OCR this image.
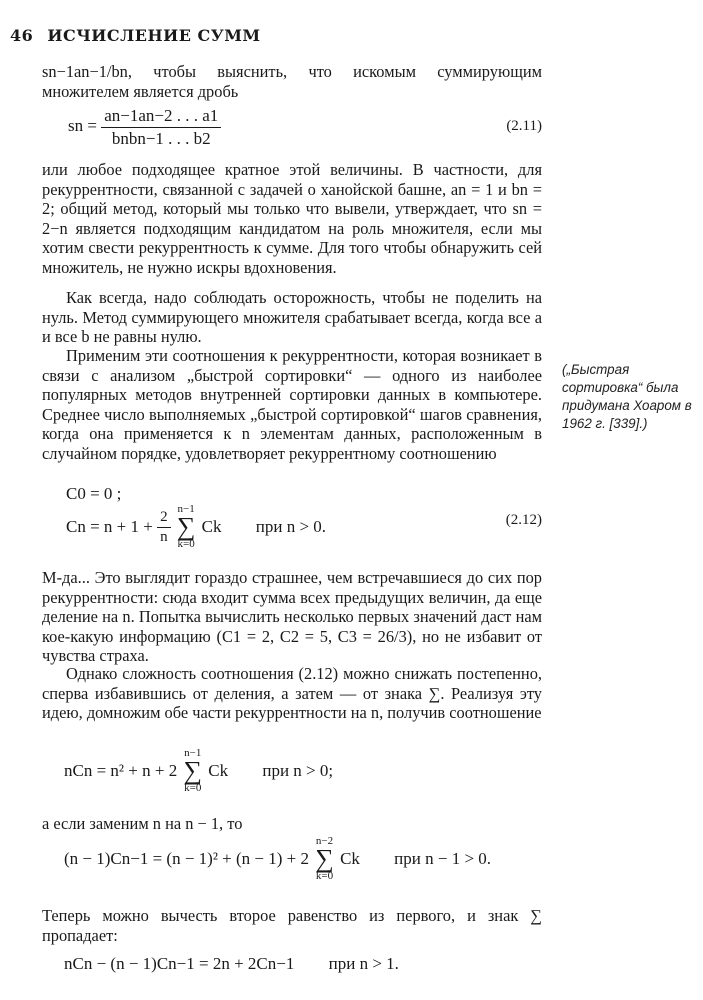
46 ИСЧИСЛЕНИЕ СУММ
sn−1an−1/bn, чтобы выяснить, что искомым суммирующим множителем является дробь
sn = $\frac{an-1an-2 . . . a1}{\text{bnbn−1 . . . b2}}$	(2.11)
или любое подходящее кратное этой величины. В частности, для рекуррентности, связанной с задачей о ханойской башне, an = 1 и bn = 2; общий метод, который мы только что вывели, утверждает, что sn = 2−n является подходящим кандидатом на роль множителя, если мы хотим свести рекуррентность к сумме. Для того чтобы обнаружить сей множитель, не нужно искры вдохновения.
Как всегда, надо соблюдать осторожность, чтобы не поделить на нуль. Метод суммирующего множителя срабатывает всегда, когда все a и все b не равны нулю.
Применим эти соотношения к рекуррентности, которая возникает в связи с анализом „быстрой сортировки“ — одного из наиболее популярных методов внутренней сортировки данных в компьютере. Среднее число выполняемых „быстрой сортировкой“ шагов сравнения, когда она применяется к n элементам данных, расположенным в случайном порядке, удовлетворяет рекуррентному соотношению
(„Быстрая сортировка“ была придумана Хоаром в 1962 г. [339].)
C0 = 0 ;
$Cn = n + 1 + \frac{2}{n}$
n−1
∑
k=0
Ck при n > 0.	(2.12)
М-да... Это выглядит гораздо страшнее, чем встречавшиеся до сих пор рекуррентности: сюда входит сумма всех предыдущих величин, да еще деление на n. Попытка вычислить несколько первых значений даст нам кое-какую информацию (C1 = 2, C2 = 5, C3 = 26/3), но не избавит от чувства страха.
Однако сложность соотношения (2.12) можно снижать постепенно, сперва избавившись от деления, а затем — от знака ∑. Реализуя эту идею, домножим обе части рекуррентности на n, получив соотношение
nCn = n² + n + 2
n−1
∑
k=0
Ck при n > 0;
а если заменим n на n − 1, то
(n − 1)Cn−1 = (n − 1)² + (n − 1) + 2
n−2
∑
k=0
Ck при n − 1 > 0.
Теперь можно вычесть второе равенство из первого, и знак ∑ пропадает:
nCn − (n − 1)Cn−1 = 2n + 2Cn−1 при n > 1.
